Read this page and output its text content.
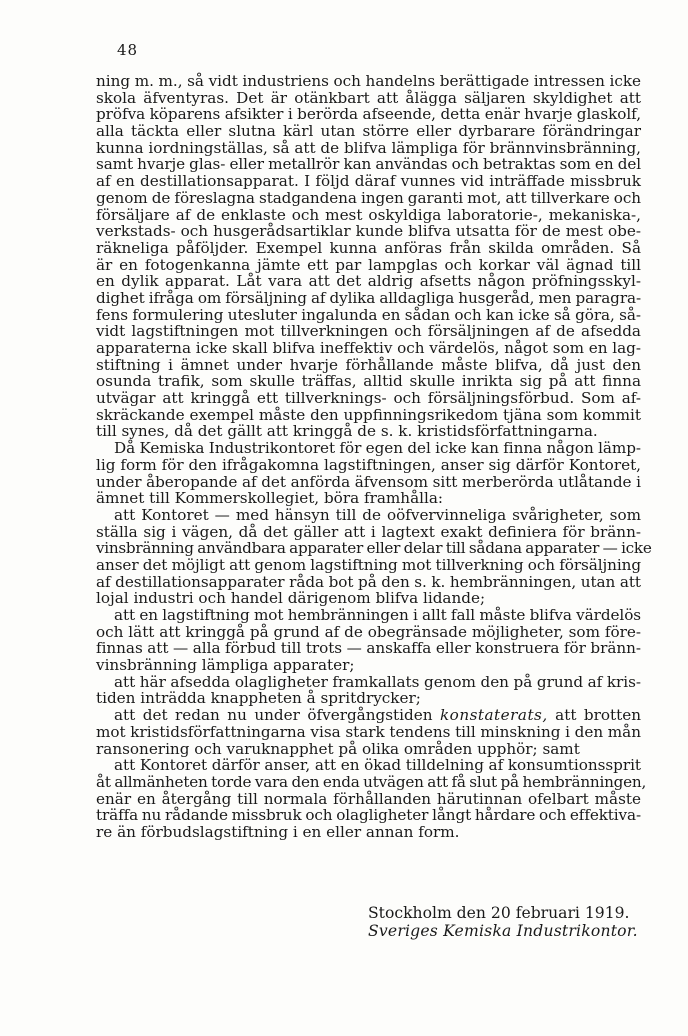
48
ning m. m., så vidt industriens och handelns berättigade intressen icke
skola äfventyras. Det är otänkbart att ålägga säljaren skyldighet att
pröfva köparens afsikter i berörda afseende, detta enär hvarje glaskolf,
alla täckta eller slutna kärl utan större eller dyrbarare förändringar
kunna iordningställas, så att de blifva lämpliga för brännvinsbränning,
samt hvarje glas- eller metallrör kan användas och betraktas som en del
af en destillationsapparat. I följd däraf vunnes vid inträffade missbruk
genom de föreslagna stadgandena ingen garanti mot, att tillverkare och
försäljare af de enklaste och mest oskyldiga laboratorie-, mekaniska-,
verkstads- och husgerådsartiklar kunde blifva utsatta för de mest obe-
räkneliga påföljder. Exempel kunna anföras från skilda områden. Så
är en fotogenkanna jämte ett par lampglas och korkar väl ägnad till
en dylik apparat. Låt vara att det aldrig afsetts någon pröfningsskyl-
dighet ifråga om försäljning af dylika alldagliga husgeråd, men paragra-
fens formulering utesluter ingalunda en sådan och kan icke så göra, så-
vidt lagstiftningen mot tillverkningen och försäljningen af de afsedda
apparaterna icke skall blifva ineffektiv och värdelös, något som en lag-
stiftning i ämnet under hvarje förhållande måste blifva, då just den
osunda trafik, som skulle träffas, alltid skulle inrikta sig på att finna
utvägar att kringgå ett tillverknings- och försäljningsförbud. Som af-
skräckande exempel måste den uppfinningsrikedom tjäna som kommit
till synes, då det gällt att kringgå de s. k. kristidsförfattningarna.
Då Kemiska Industrikontoret för egen del icke kan finna någon lämp-
lig form för den ifrågakomna lagstiftningen, anser sig därför Kontoret,
under åberopande af det anförda äfvensom sitt merberörda utlåtande i
ämnet till Kommerskollegiet, böra framhålla:
att Kontoret — med hänsyn till de oöfvervinneliga svårigheter, som
ställa sig i vägen, då det gäller att i lagtext exakt definiera för bränn-
vinsbränning användbara apparater eller delar till sådana apparater — icke
anser det möjligt att genom lagstiftning mot tillverkning och försäljning
af destillationsapparater råda bot på den s. k. hembränningen, utan att
lojal industri och handel därigenom blifva lidande;
att en lagstiftning mot hembränningen i allt fall måste blifva värdelös
och lätt att kringgå på grund af de obegränsade möjligheter, som före-
finnas att — alla förbud till trots — anskaffa eller konstruera för bränn-
vinsbränning lämpliga apparater;
att här afsedda olagligheter framkallats genom den på grund af kris-
tiden inträdda knappheten å spritdrycker;
att det redan nu under öfvergångstiden konstaterats, att brotten
mot kristidsförfattningarna visa stark tendens till minskning i den mån
ransonering och varuknapphet på olika områden upphör; samt
att Kontoret därför anser, att en ökad tilldelning af konsumtionssprit
åt allmänheten torde vara den enda utvägen att få slut på hembränningen,
enär en återgång till normala förhållanden härutinnan ofelbart måste
träffa nu rådande missbruk och olagligheter långt hårdare och effektiva-
re än förbudslagstiftning i en eller annan form.
Stockholm den 20 februari 1919.
Sveriges Kemiska Industrikontor.
